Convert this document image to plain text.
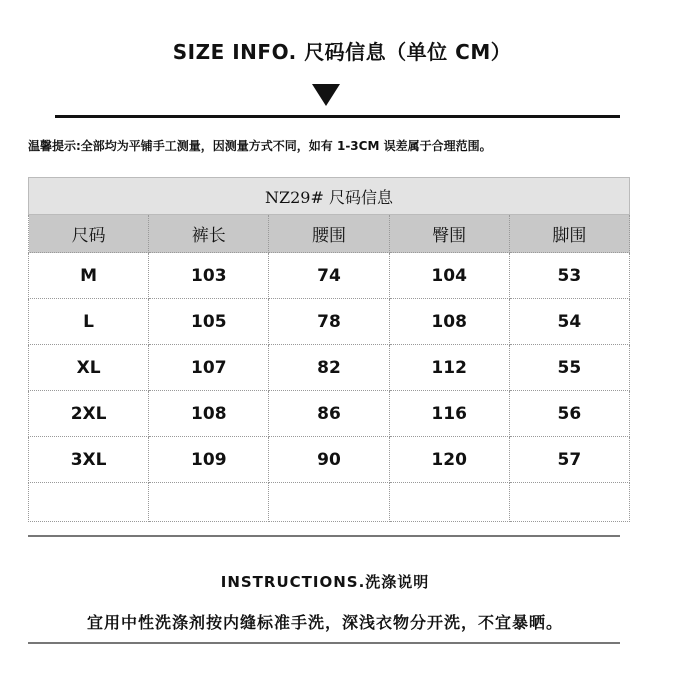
SIZE INFO. 尺码信息（单位 CM）
温馨提示:全部均为平铺手工测量，因测量方式不同，如有 1-3CM 误差属于合理范围。
NZ29# 尺码信息				
尺码	裤长	腰围	臀围	脚围
M	103	74	104	53
L	105	78	108	54
XL	107	82	112	55
2XL	108	86	116	56
3XL	109	90	120	57

INSTRUCTIONS.洗涤说明
宜用中性洗涤剂按内缝标准手洗，深浅衣物分开洗，不宜暴晒。
